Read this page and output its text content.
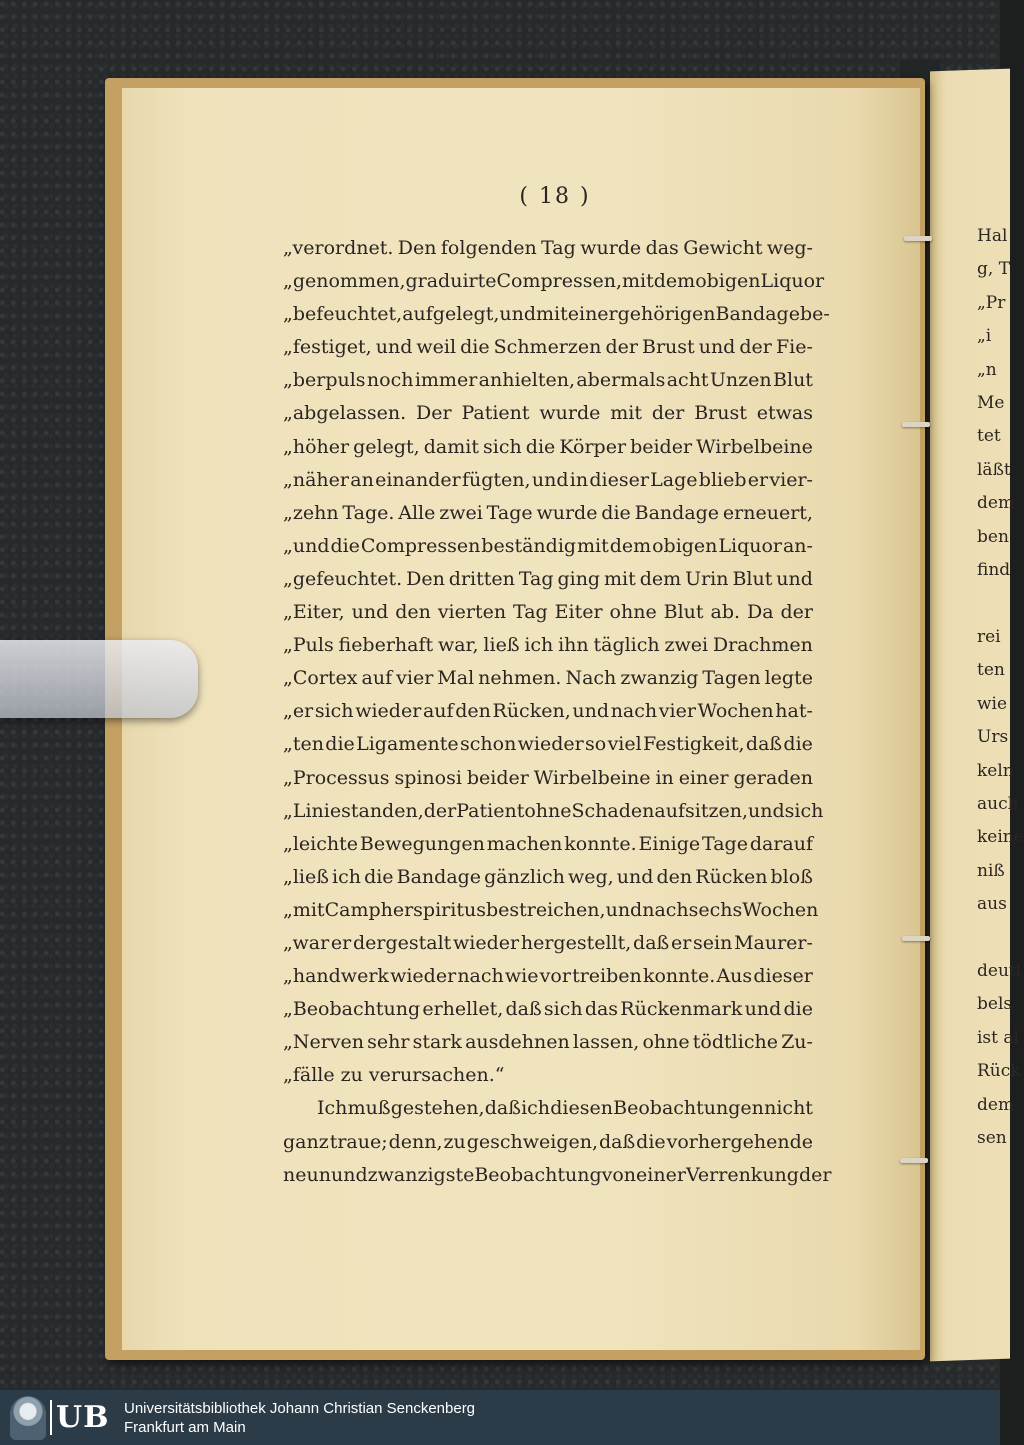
Hal
g, T
„Pr
„i
„n
Me
tet
läßt
dem
ben
find

rei
ten
wie
Urs
keln
auch
keine
niß
aus

deutl
bels
ist al
Rück
dem
sen
( 18 )
„verordnet. Den folgenden Tag wurde das Gewicht weg-
„genommen, graduirte Compressen, mit dem obigen Liquor
„befeuchtet, aufgelegt, und mit einer gehörigen Bandage be-
„festiget, und weil die Schmerzen der Brust und der Fie-
„berpuls noch immer anhielten, abermals acht Unzen Blut
„abgelassen. Der Patient wurde mit der Brust etwas
„höher gelegt, damit sich die Körper beider Wirbelbeine
„näher an einander fügten, und in dieser Lage blieb er vier-
„zehn Tage. Alle zwei Tage wurde die Bandage erneuert,
„und die Compressen beständig mit dem obigen Liquor an-
„gefeuchtet. Den dritten Tag ging mit dem Urin Blut und
„Eiter, und den vierten Tag Eiter ohne Blut ab. Da der
„Puls fieberhaft war, ließ ich ihn täglich zwei Drachmen
„Cortex auf vier Mal nehmen. Nach zwanzig Tagen legte
„er sich wieder auf den Rücken, und nach vier Wochen hat-
„ten die Ligamente schon wieder so viel Festigkeit, daß die
„Processus spinosi beider Wirbelbeine in einer geraden
„Linie standen, der Patient ohne Schaden aufsitzen, und sich
„leichte Bewegungen machen konnte. Einige Tage darauf
„ließ ich die Bandage gänzlich weg, und den Rücken bloß
„mit Campherspiritus bestreichen, und nach sechs Wochen
„war er dergestalt wieder hergestellt, daß er sein Maurer-
„handwerk wieder nach wie vor treiben konnte. Aus dieser
„Beobachtung erhellet, daß sich das Rückenmark und die
„Nerven sehr stark ausdehnen lassen, ohne tödtliche Zu-
„fälle zu verursachen.“
Ich muß gestehen, daß ich diesen Beobachtungen nicht
ganz traue; denn, zu geschweigen, daß die vorhergehende
neun und zwanzigste Beobachtung von einer Verrenkung der
UB Universitätsbibliothek Johann Christian Senckenberg
Frankfurt am Main
